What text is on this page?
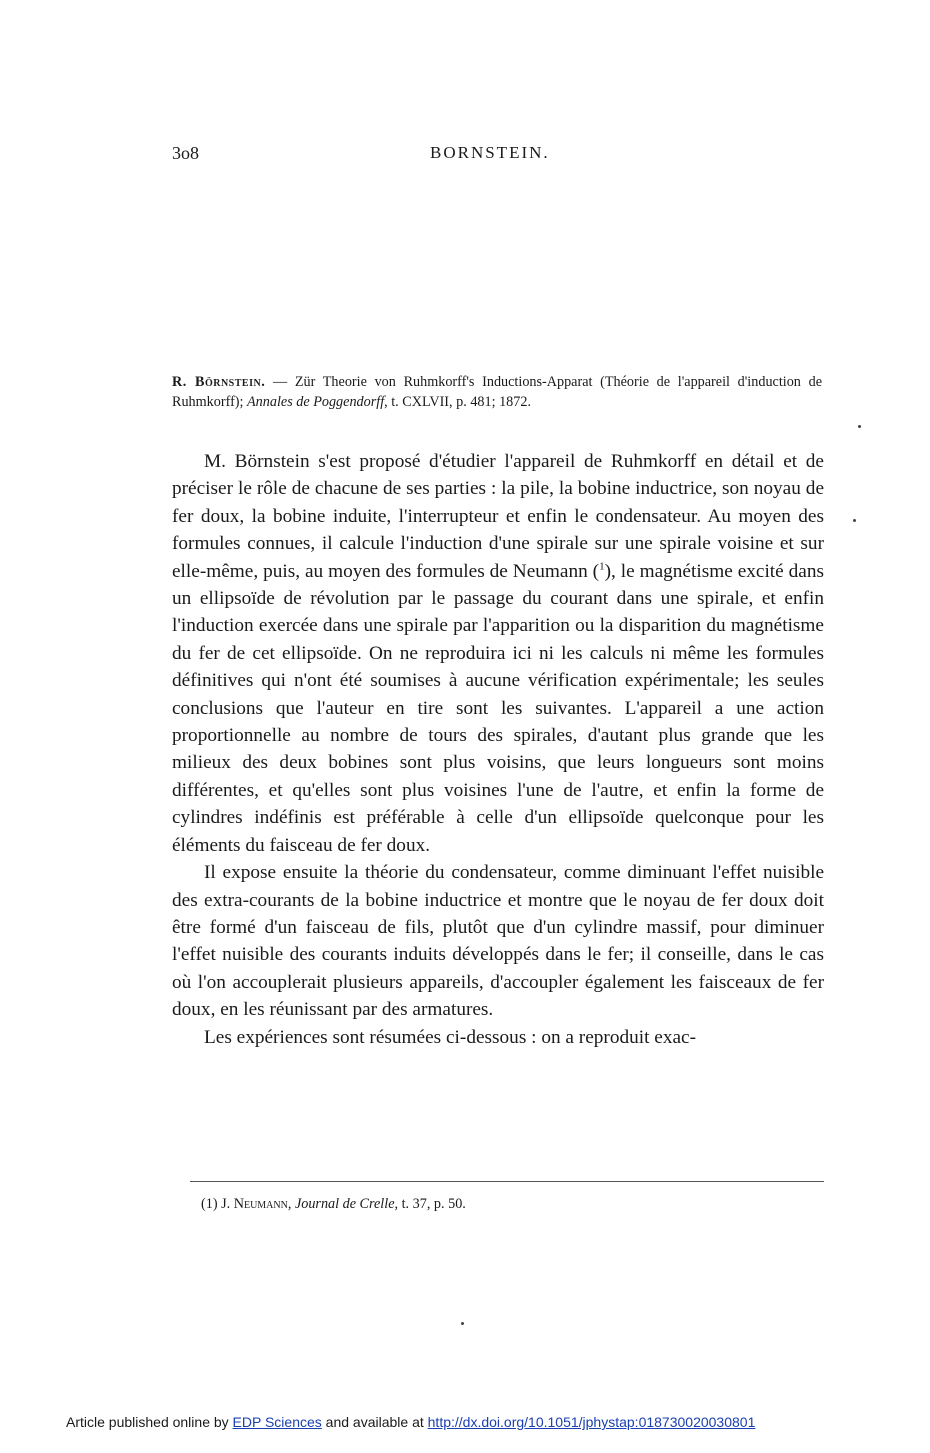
3o8	BORNSTEIN.
R. Börnstein. — Zür Theorie von Ruhmkorff's Inductions-Apparat (Théorie de l'appareil d'induction de Ruhmkorff); Annales de Poggendorff, t. CXLVII, p. 481; 1872.

M. Börnstein s'est proposé d'étudier l'appareil de Ruhmkorff en détail et de préciser le rôle de chacune de ses parties : la pile, la bobine inductrice, son noyau de fer doux, la bobine induite, l'interrupteur et enfin le condensateur. Au moyen des formules connues, il calcule l'induction d'une spirale sur une spirale voisine et sur elle-même, puis, au moyen des formules de Neumann ($^1$), le magnétisme excité dans un ellipsoïde de révolution par le passage du courant dans une spirale, et enfin l'induction exercée dans une spirale par l'apparition ou la disparition du magnétisme du fer de cet ellipsoïde. On ne reproduira ici ni les calculs ni même les formules définitives qui n'ont été soumises à aucune vérification expérimentale; les seules conclusions que l'auteur en tire sont les suivantes. L'appareil a une action proportionnelle au nombre de tours des spirales, d'autant plus grande que les milieux des deux bobines sont plus voisins, que leurs longueurs sont moins différentes, et qu'elles sont plus voisines l'une de l'autre, et enfin la forme de cylindres indéfinis est préférable à celle d'un ellipsoïde quelconque pour les éléments du faisceau de fer doux.

Il expose ensuite la théorie du condensateur, comme diminuant l'effet nuisible des extra-courants de la bobine inductrice et montre que le noyau de fer doux doit être formé d'un faisceau de fils, plutôt que d'un cylindre massif, pour diminuer l'effet nuisible des courants induits développés dans le fer; il conseille, dans le cas où l'on accouplerait plusieurs appareils, d'accoupler également les faisceaux de fer doux, en les réunissant par des armatures.

Les expériences sont résumées ci-dessous : on a reproduit exac-

(1) J. Neumann, Journal de Crelle, t. 37, p. 50.
Article published online by EDP Sciences and available at http://dx.doi.org/10.1051/jphystap:018730020030801
